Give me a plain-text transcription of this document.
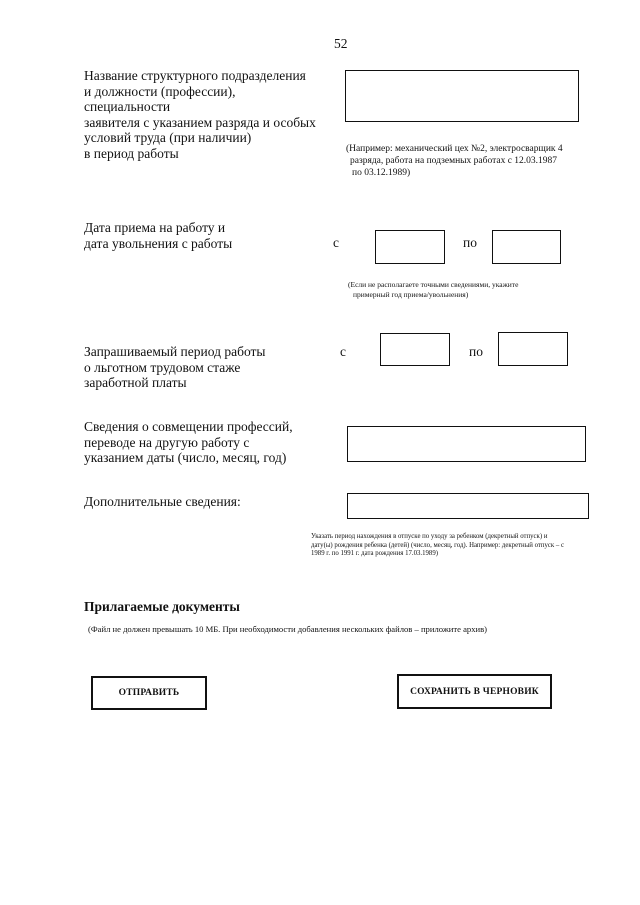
52
Название структурного подразделения
и должности (профессии), специальности
заявителя с указанием разряда и особых
условий труда (при наличии)
в период работы	(Например: механический цех №2, электросварщик 4
разряда, работа на подземных работах с 12.03.1987
по 03.12.1989)
Дата приема на работу и
дата увольнения с работы	с	по
(Если не располагаете точными сведениями, укажите
примерный год приема/увольнения)
Запрашиваемый период работы
о льготном трудовом стаже
заработной платы
с	по
Сведения о совмещении профессий,
переводе на другую работу с
указанием даты (число, месяц, год)
Дополнительные сведения:
Указать период нахождения в отпуске по уходу за ребенком (декретный отпуск) и
дату(ы) рождения ребенка (детей) (число, месяц, год). Например: декретный отпуск – с
1989 г. по 1991 г. дата рождения 17.03.1989)
Прилагаемые документы
(Файл не должен превышать 10 МБ. При необходимости добавления нескольких файлов – приложите архив)
ОТПРАВИТЬ	СОХРАНИТЬ В ЧЕРНОВИК
